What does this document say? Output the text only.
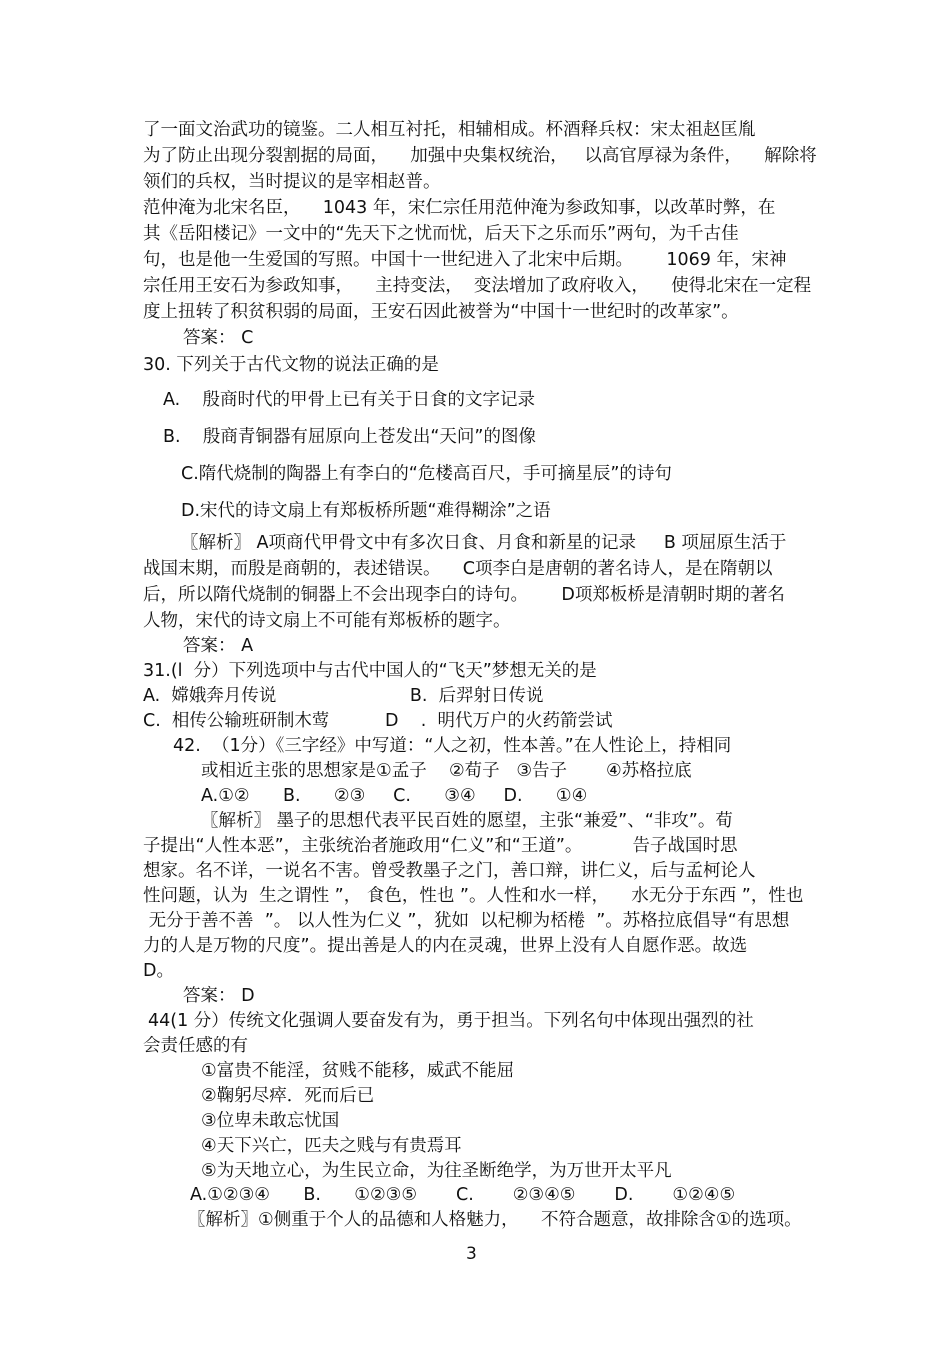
了一面文治武功的镜鉴。二人相互衬托，相辅相成。杯酒释兵权：宋太祖赵匡胤
为了防止出现分裂割据的局面，    加强中央集权统治，   以高官厚禄为条件，    解除将
领们的兵权，当时提议的是宰相赵普。
范仲淹为北宋名臣，    1043 年，宋仁宗任用范仲淹为参政知事，以改革时弊，在
其《岳阳楼记》一文中的“先天下之忧而忧，后天下之乐而乐”两句，为千古佳
句，也是他一生爱国的写照。中国十一世纪进入了北宋中后期。      1069 年，宋神
宗任用王安石为参政知事，    主持变法，  变法增加了政府收入，    使得北宋在一定程
度上扭转了积贫积弱的局面，王安石因此被誉为“中国十一世纪时的改革家”。
答案： C
30. 下列关于古代文物的说法正确的是
A.    殷商时代的甲骨上已有关于日食的文字记录
B.    殷商青铜器有屈原向上苍发出“天问”的图像
C.隋代烧制的陶器上有李白的“危楼高百尺，手可摘星辰”的诗句
D.宋代的诗文扇上有郑板桥所题“难得糊涂”之语
〖解析〗 A项商代甲骨文中有多次日食、月食和新星的记录     B 项屈原生活于
战国末期，而殷是商朝的，表述错误。    C项李白是唐朝的著名诗人，是在隋朝以
后，所以隋代烧制的铜器上不会出现李白的诗句。      D项郑板桥是清朝时期的著名
人物，宋代的诗文扇上不可能有郑板桥的题字。
答案： A
31.(l  分）下列选项中与古代中国人的“飞天”梦想无关的是
A.  嫦娥奔月传说                        B.  后羿射日传说
C.  相传公输班研制木莺          D    .  明代万户的火药箭尝试
42.  （1分）《三字经》中写道：“人之初，性本善。”在人性论上，持相同
或相近主张的思想家是①孟子    ②荀子   ③告子       ④苏格拉底
A.①②      B.      ②③     C.      ③④     D.      ①④
〖解析〗 墨子的思想代表平民百姓的愿望，主张“兼爱”、“非攻”。荀
子提出“人性本恶”，主张统治者施政用“仁义”和“王道”。         告子战国时思
想家。名不详，一说名不害。曾受教墨子之门，善口辩，讲仁义，后与孟柯论人
性问题，认为  生之谓性 ”， 食色，性也 ”。人性和水一样，    水无分于东西 ”，性也
无分于善不善  ”。 以人性为仁义 ”，犹如  以杞柳为桮棬  ”。苏格拉底倡导“有思想
力的人是万物的尺度”。提出善是人的内在灵魂，世界上没有人自愿作恶。故选
D。
答案： D
44(1 分）传统文化强调人要奋发有为，勇于担当。下列名句中体现出强烈的社
会责任感的有
①富贵不能淫，贫贱不能移，威武不能屈
②鞠躬尽瘁．死而后已
③位卑未敢忘忧国
④天下兴亡，匹夫之贱与有贵焉耳
⑤为天地立心，为生民立命，为往圣断绝学，为万世开太平凡
A.①②③④      B.      ①②③⑤       C.       ②③④⑤       D.       ①②④⑤
〖解析〗①侧重于个人的品德和人格魅力，    不符合题意，故排除含①的选项。
3
